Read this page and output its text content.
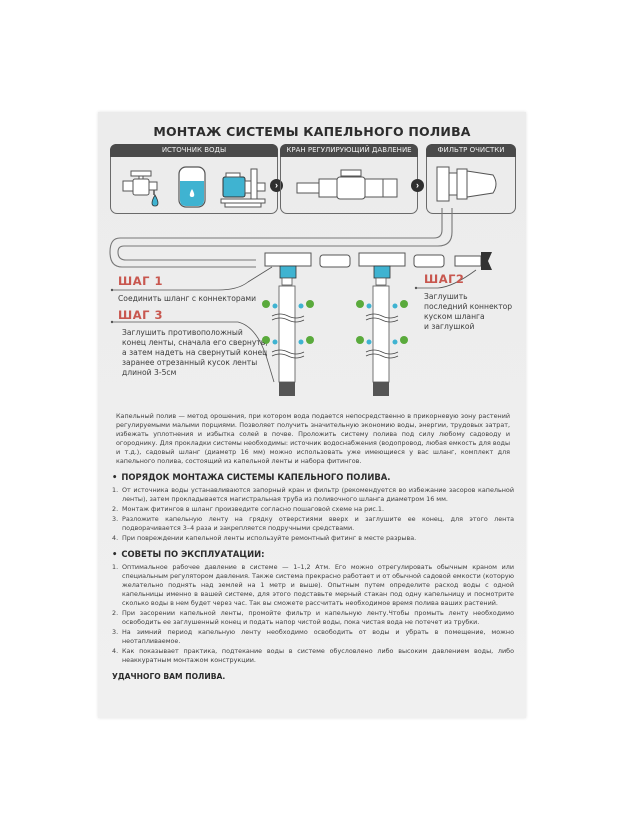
МОНТАЖ СИСТЕМЫ КАПЕЛЬНОГО ПОЛИВА
ИСТОЧНИК ВОДЫ
›
КРАН РЕГУЛИРУЮЩИЙ ДАВЛЕНИЕ
›
ФИЛЬТР ОЧИСТКИ
ШАГ 1
Соединить шланг с коннекторами
ШАГ2
Заглушить
последний коннектор
куском шланга
и заглушкой
ШАГ 3
Заглушить противоположный
конец ленты, сначала его свернуть,
а затем надеть на свернутый конец
заранее отрезанный кусок ленты
длиной 3-5см
Капельный полив — метод орошения, при котором вода подается непосредственно в прикорневую зону растений регулируемыми малыми порциями. Позволяет получить значительную экономию воды, энергии, трудовых затрат, избежать уплотнения и избытка солей в почве. Проложить систему полива под силу любому садоводу и огороднику. Для прокладки системы необходимы: источник водоснабжения (водопровод, любая емкость для воды и т.д.), садовый шланг (диаметр 16 мм) можно использовать уже имеющиеся у вас шланг, комплект для капельного полива, состоящий из капельной ленты и набора фитингов.
• ПОРЯДОК МОНТАЖА СИСТЕМЫ КАПЕЛЬНОГО ПОЛИВА.
1. От источника воды устанавливаются запорный кран и фильтр (рекомендуется во избежание засоров капельной ленты), затем прокладывается магистральная труба из поливочного шланга диаметром 16 мм.
2. Монтаж фитингов в шланг произведите согласно пошаговой схеме на рис.1.
3. Разложите капельную ленту на грядку отверстиями вверх и заглушите ее конец, для этого лента подворачивается 3–4 раза и закрепляется подручными средствами.
4. При повреждении капельной ленты используйте ремонтный фитинг в месте разрыва.
• СОВЕТЫ ПО ЭКСПЛУАТАЦИИ:
1. Оптимальное рабочее давление в системе — 1–1,2 Атм. Его можно отрегулировать обычным краном или специальным регулятором давления. Также система прекрасно работает и от обычной садовой емкости (которую желательно поднять над землей на 1 метр и выше). Опытным путем определите расход воды с одной капельницы именно в вашей системе, для этого подставьте мерный стакан под одну капельницу и посмотрите сколько воды в нем будет через час. Так вы сможете рассчитать необходимое время полива ваших растений.
2. При засорении капельной ленты, промойте фильтр и капельную ленту.Чтобы промыть ленту необходимо освободить ее заглушенный конец и подать напор чистой воды, пока чистая вода не потечет из трубки.
3. На зимний период капельную ленту необходимо освободить от воды и убрать в помещение, можно неотапливаемое.
4. Как показывает практика, подтекание воды в системе обусловлено либо высоким давлением воды, либо неаккуратным монтажом конструкции.
УДАЧНОГО ВАМ ПОЛИВА.
